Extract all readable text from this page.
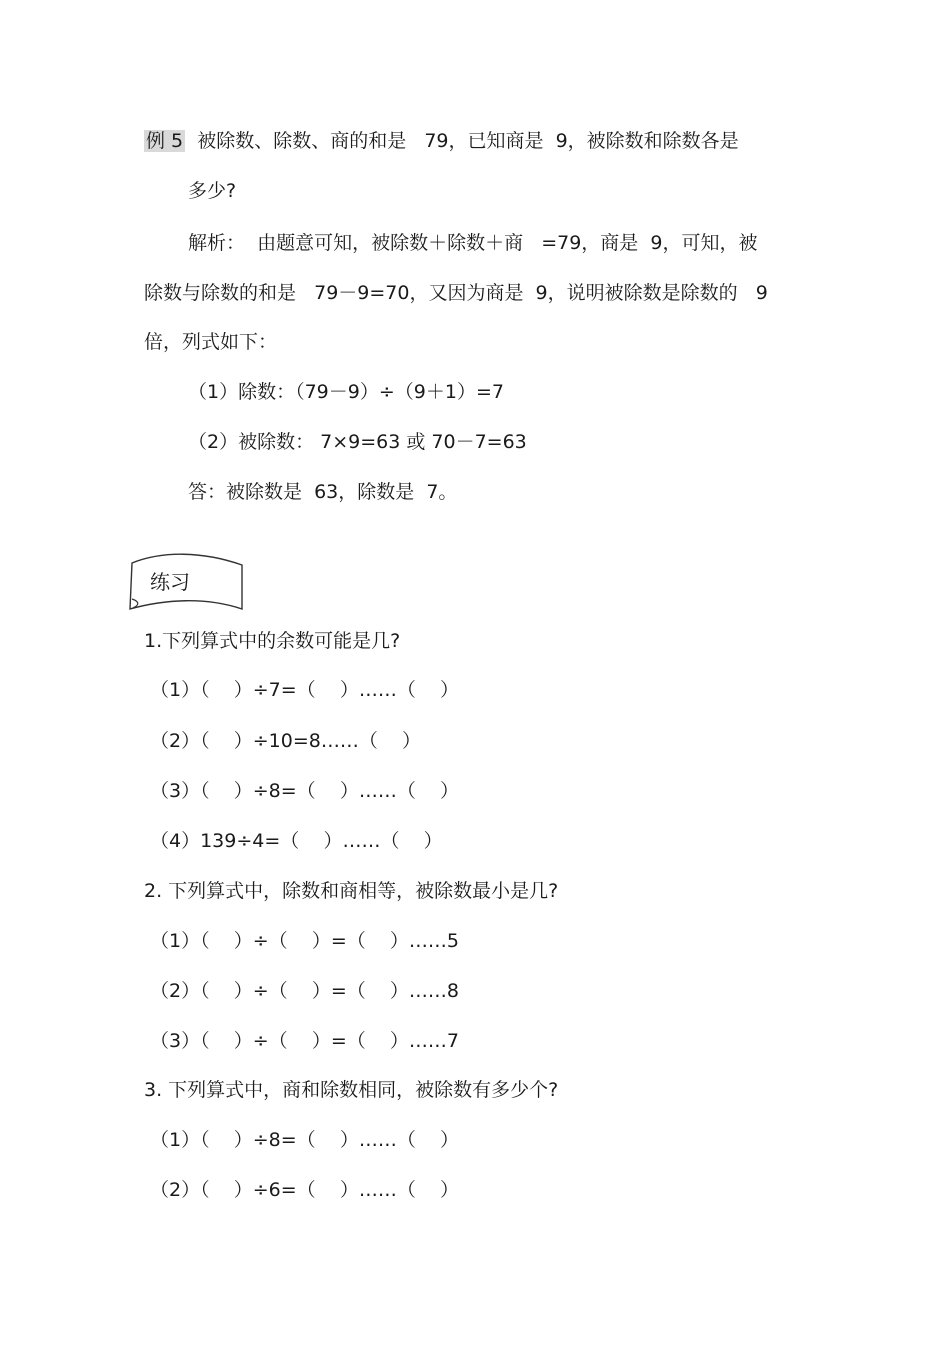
例 5  被除数、除数、商的和是   79，已知商是  9，被除数和除数各是
多少?
解析：  由题意可知，被除数＋除数＋商   =79，商是  9，可知，被
除数与除数的和是   79－9=70，又因为商是  9，说明被除数是除数的   9
倍，列式如下：
（1）除数：（79－9）÷（9＋1）=7
（2）被除数： 7×9=63 或 70－7=63
答：被除数是  63，除数是  7。
练习
1.下列算式中的余数可能是几?
（1）（    ）÷7=（    ）……（    ）
（2）（    ）÷10=8……（    ）
（3）（    ）÷8=（    ）……（    ）
（4）139÷4=（    ）……（    ）
2. 下列算式中，除数和商相等，被除数最小是几?
（1）（    ）÷（    ）=（    ）……5
（2）（    ）÷（    ）=（    ）……8
（3）（    ）÷（    ）=（    ）……7
3. 下列算式中，商和除数相同，被除数有多少个?
（1）（    ）÷8=（    ）……（    ）
（2）（    ）÷6=（    ）……（    ）
